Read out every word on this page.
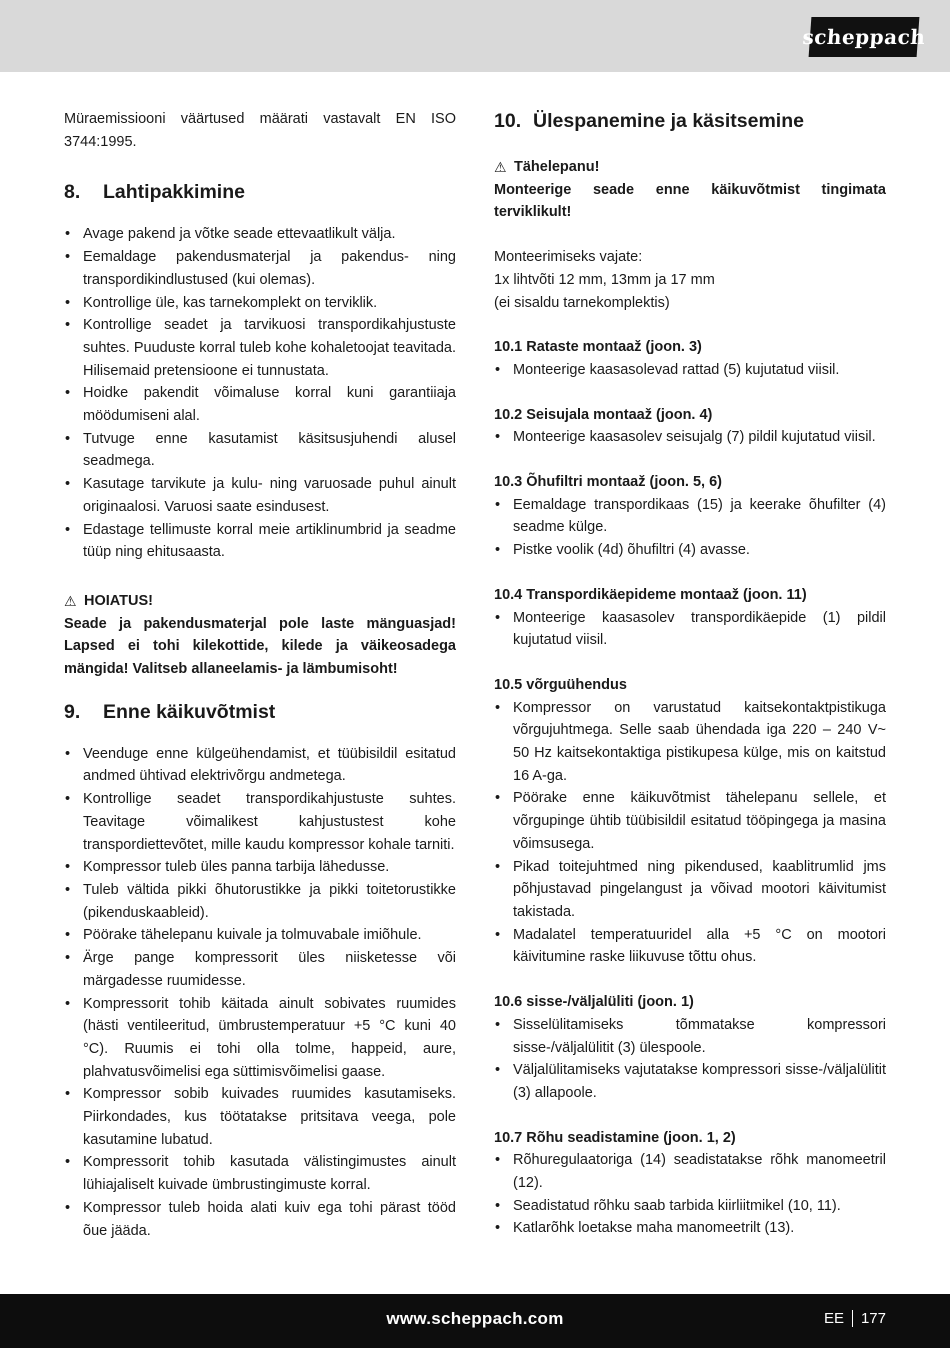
scheppach

Müraemissiooni väärtused määrati vastavalt EN ISO 3744:1995.

8.	Lahtipakkimine
• Avage pakend ja võtke seade ettevaatlikult välja.
• Eemaldage pakendusmaterjal ja pakendus- ning transpordikindlustused (kui olemas).
• Kontrollige üle, kas tarnekomplekt on terviklik.
• Kontrollige seadet ja tarvikuosi transpordikahjustuste suhtes. Puuduste korral tuleb kohe kohaletoojat teavitada. Hilisemaid pretensioone ei tunnustata.
• Hoidke pakendit võimaluse korral kuni garantiiaja möödumiseni alal.
• Tutvuge enne kasutamist käsitsusjuhendi alusel seadmega.
• Kasutage tarvikute ja kulu- ning varuosade puhul ainult originaalosi. Varuosi saate esindusest.
• Edastage tellimuste korral meie artiklinumbrid ja seadme tüüp ning ehitusaasta.
⚠ HOIATUS!

Seade ja pakendusmaterjal pole laste mänguasjad! Lapsed ei tohi kilekottide, kilede ja väikeosadega mängida! Valitseb allaneelamis- ja lämbumisoht!

9.	Enne käikuvõtmist
• Veenduge enne külgeühendamist, et tüübisildil esitatud andmed ühtivad elektrivõrgu andmetega.
• Kontrollige seadet transpordikahjustuste suhtes. Teavitage võimalikest kahjustustest kohe transpordiettevõtet, mille kaudu kompressor kohale tarniti.
• Kompressor tuleb üles panna tarbija lähedusse.
• Tuleb vältida pikki õhutorustikke ja pikki toitetorustikke (pikenduskaableid).
• Pöörake tähelepanu kuivale ja tolmuvabale imiõhule.
• Ärge pange kompressorit üles niisketesse või märgadesse ruumidesse.
• Kompressorit tohib käitada ainult sobivates ruumides (hästi ventileeritud, ümbrustemperatuur +5 °C kuni 40 °C). Ruumis ei tohi olla tolme, happeid, aure, plahvatusvõimelisi ega süttimisvõimelisi gaase.
• Kompressor sobib kuivades ruumides kasutamiseks. Piirkondades, kus töötatakse pritsitava veega, pole kasutamine lubatud.
• Kompressorit tohib kasutada välistingimustes ainult lühiajaliselt kuivade ümbrustingimuste korral.
• Kompressor tuleb hoida alati kuiv ega tohi pärast tööd õue jääda.
10. Ülespanemine ja käsitsemine
⚠ Tähelepanu!

Monteerige seade enne käikuvõtmist tingimata terviklikult!

Monteerimiseks vajate:

1x lihtvõti 12 mm, 13mm ja 17 mm

(ei sisaldu tarnekomplektis)

10.1 Rataste montaaž (joon. 3)
• Monteerige kaasasolevad rattad (5) kujutatud viisil.
10.2 Seisujala montaaž (joon. 4)
• Monteerige kaasasolev seisujalg (7) pildil kujutatud viisil.
10.3 Õhufiltri montaaž (joon. 5, 6)
• Eemaldage transpordikaas (15) ja keerake õhufilter (4) seadme külge.
• Pistke voolik (4d) õhufiltri (4) avasse.
10.4 Transpordikäepideme montaaž (joon. 11)
• Monteerige kaasasolev transpordikäepide (1) pildil kujutatud viisil.
10.5 võrguühendus
• Kompressor on varustatud kaitsekontaktpistikuga võrgujuhtmega. Selle saab ühendada iga 220 – 240 V~ 50 Hz kaitsekontaktiga pistikupesa külge, mis on kaitstud 16 A-ga.
• Pöörake enne käikuvõtmist tähelepanu sellele, et võrgupinge ühtib tüübisildil esitatud tööpingega ja masina võimsusega.
• Pikad toitejuhtmed ning pikendused, kaablitrumlid jms põhjustavad pingelangust ja võivad mootori käivitumist takistada.
• Madalatel temperatuuridel alla +5 °C on mootori käivitumine raske liikuvuse tõttu ohus.
10.6 sisse-/väljalüliti (joon. 1)
• Sisselülitamiseks tõmmatakse kompressori sisse-/väljalülitit (3) ülespoole.
• Väljalülitamiseks vajutatakse kompressori sisse-/väljalülitit (3) allapoole.
10.7 Rõhu seadistamine (joon. 1, 2)
• Rõhuregulaatoriga (14) seadistatakse rõhk manomeetril (12).
• Seadistatud rõhku saab tarbida kiirliitmikel (10, 11).
• Katlarõhk loetakse maha manomeetrilt (13).
www.scheppach.com	EE 177
